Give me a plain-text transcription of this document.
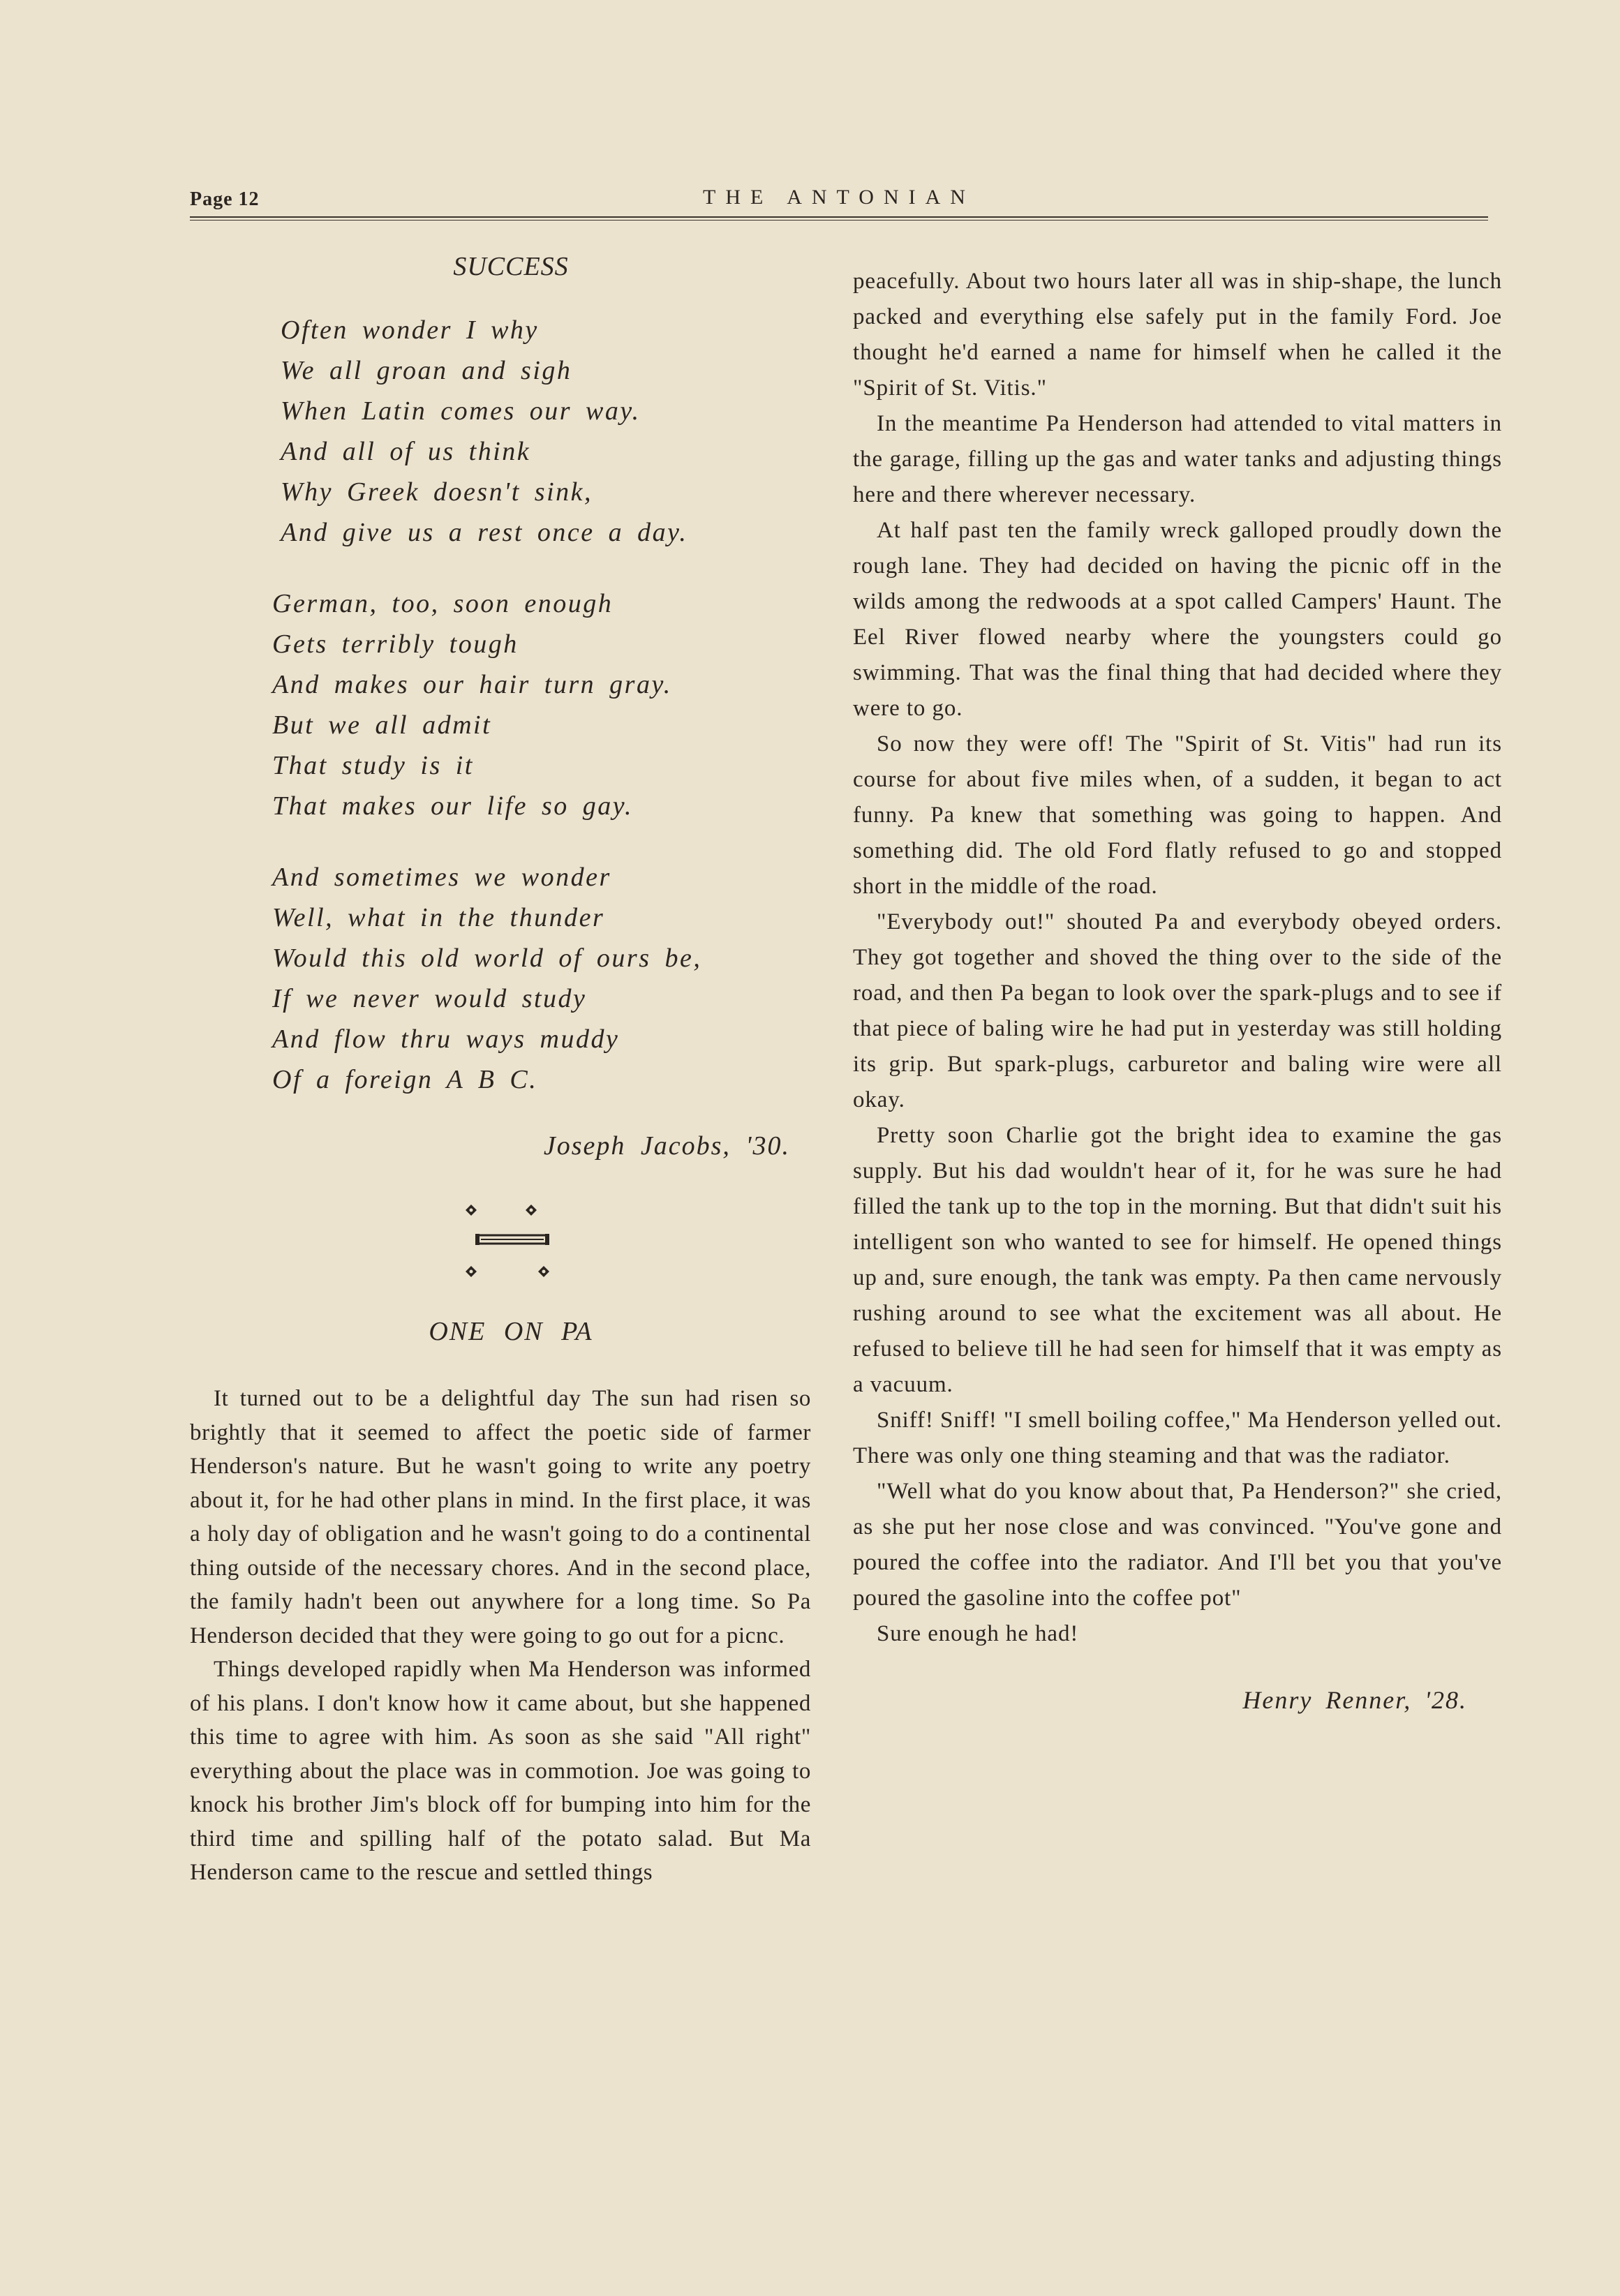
Page 12	THE ANTONIAN
SUCCESS
Often wonder I why
We all groan and sigh
When Latin comes our way.
And all of us think
Why Greek doesn't sink,
And give us a rest once a day.
German, too, soon enough
Gets terribly tough
And makes our hair turn gray.
But we all admit
That study is it
That makes our life so gay.
And sometimes we wonder
Well, what in the thunder
Would this old world of ours be,
If we never would study
And flow thru ways muddy
Of a foreign A B C.
Joseph Jacobs, '30.
ONE ON PA

It turned out to be a delightful day The sun had risen so brightly that it seemed to affect the poetic side of farmer Henderson's nature. But he wasn't going to write any poetry about it, for he had other plans in mind. In the first place, it was a holy day of obligation and he wasn't going to do a continental thing outside of the necessary chores. And in the second place, the family hadn't been out anywhere for a long time. So Pa Henderson decided that they were going to go out for a picnc.

Things developed rapidly when Ma Henderson was informed of his plans. I don't know how it came about, but she happened this time to agree with him. As soon as she said "All right" everything about the place was in commotion. Joe was going to knock his brother Jim's block off for bumping into him for the third time and spilling half of the potato salad. But Ma Henderson came to the rescue and settled things

peacefully. About two hours later all was in ship-shape, the lunch packed and everything else safely put in the family Ford. Joe thought he'd earned a name for himself when he called it the "Spirit of St. Vitis."

In the meantime Pa Henderson had attended to vital matters in the garage, filling up the gas and water tanks and adjusting things here and there wherever necessary.

At half past ten the family wreck galloped proudly down the rough lane. They had decided on having the picnic off in the wilds among the redwoods at a spot called Campers' Haunt. The Eel River flowed nearby where the youngsters could go swimming. That was the final thing that had decided where they were to go.

So now they were off! The "Spirit of St. Vitis" had run its course for about five miles when, of a sudden, it began to act funny. Pa knew that something was going to happen. And something did. The old Ford flatly refused to go and stopped short in the middle of the road.

"Everybody out!" shouted Pa and everybody obeyed orders. They got together and shoved the thing over to the side of the road, and then Pa began to look over the spark-plugs and to see if that piece of baling wire he had put in yesterday was still holding its grip. But spark-plugs, carburetor and baling wire were all okay.

Pretty soon Charlie got the bright idea to examine the gas supply. But his dad wouldn't hear of it, for he was sure he had filled the tank up to the top in the morning. But that didn't suit his intelligent son who wanted to see for himself. He opened things up and, sure enough, the tank was empty. Pa then came nervously rushing around to see what the excitement was all about. He refused to believe till he had seen for himself that it was empty as a vacuum.

Sniff! Sniff! "I smell boiling coffee," Ma Henderson yelled out. There was only one thing steaming and that was the radiator.

"Well what do you know about that, Pa Henderson?" she cried, as she put her nose close and was convinced. "You've gone and poured the coffee into the radiator. And I'll bet you that you've poured the gasoline into the coffee pot"

Sure enough he had!

Henry Renner, '28.
